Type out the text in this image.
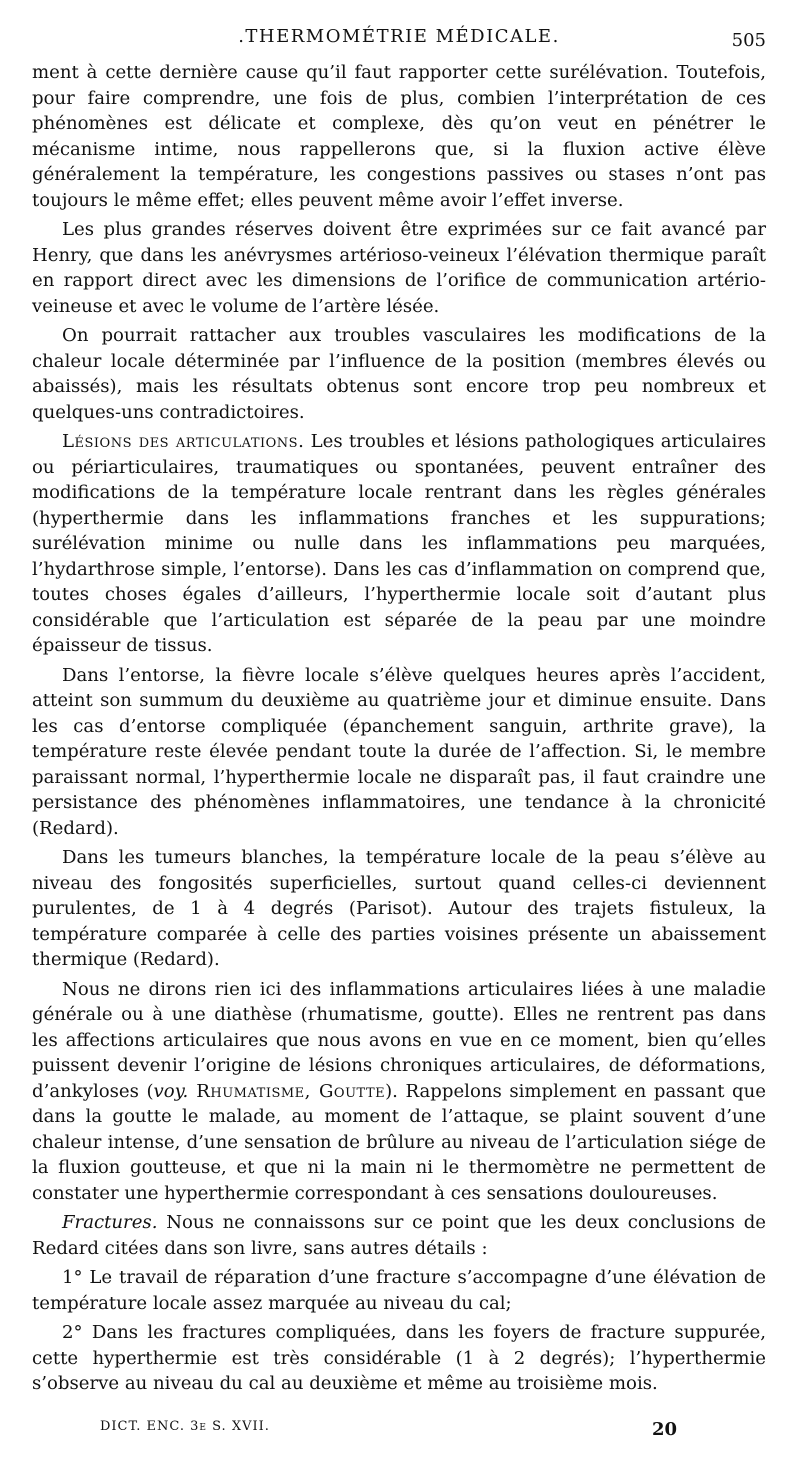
.THERMOMÉTRIE MÉDICALE.	505

ment à cette dernière cause qu’il faut rapporter cette surélévation. Toutefois, pour faire comprendre, une fois de plus, combien l’interprétation de ces phénomènes est délicate et complexe, dès qu’on veut en pénétrer le mécanisme intime, nous rappellerons que, si la fluxion active élève généralement la température, les congestions passives ou stases n’ont pas toujours le même effet; elles peuvent même avoir l’effet inverse.

Les plus grandes réserves doivent être exprimées sur ce fait avancé par Henry, que dans les anévrysmes artérioso-veineux l’élévation thermique paraît en rapport direct avec les dimensions de l’orifice de communication artério-veineuse et avec le volume de l’artère lésée.

On pourrait rattacher aux troubles vasculaires les modifications de la chaleur locale déterminée par l’influence de la position (membres élevés ou abaissés), mais les résultats obtenus sont encore trop peu nombreux et quelques-uns contradictoires.

Lésions des articulations. Les troubles et lésions pathologiques articulaires ou périarticulaires, traumatiques ou spontanées, peuvent entraîner des modifications de la température locale rentrant dans les règles générales (hyperthermie dans les inflammations franches et les suppurations; surélévation minime ou nulle dans les inflammations peu marquées, l’hydarthrose simple, l’entorse). Dans les cas d’inflammation on comprend que, toutes choses égales d’ailleurs, l’hyperthermie locale soit d’autant plus considérable que l’articulation est séparée de la peau par une moindre épaisseur de tissus.

Dans l’entorse, la fièvre locale s’élève quelques heures après l’accident, atteint son summum du deuxième au quatrième jour et diminue ensuite. Dans les cas d’entorse compliquée (épanchement sanguin, arthrite grave), la température reste élevée pendant toute la durée de l’affection. Si, le membre paraissant normal, l’hyperthermie locale ne disparaît pas, il faut craindre une persistance des phénomènes inflammatoires, une tendance à la chronicité (Redard).

Dans les tumeurs blanches, la température locale de la peau s’élève au niveau des fongosités superficielles, surtout quand celles-ci deviennent purulentes, de 1 à 4 degrés (Parisot). Autour des trajets fistuleux, la température comparée à celle des parties voisines présente un abaissement thermique (Redard).

Nous ne dirons rien ici des inflammations articulaires liées à une maladie générale ou à une diathèse (rhumatisme, goutte). Elles ne rentrent pas dans les affections articulaires que nous avons en vue en ce moment, bien qu’elles puissent devenir l’origine de lésions chroniques articulaires, de déformations, d’ankyloses (voy. Rhumatisme, Goutte). Rappelons simplement en passant que dans la goutte le malade, au moment de l’attaque, se plaint souvent d’une chaleur intense, d’une sensation de brûlure au niveau de l’articulation siége de la fluxion goutteuse, et que ni la main ni le thermomètre ne permettent de constater une hyperthermie correspondant à ces sensations douloureuses.

Fractures. Nous ne connaissons sur ce point que les deux conclusions de Redard citées dans son livre, sans autres détails :

1° Le travail de réparation d’une fracture s’accompagne d’une élévation de température locale assez marquée au niveau du cal;

2° Dans les fractures compliquées, dans les foyers de fracture suppurée, cette hyperthermie est très considérable (1 à 2 degrés); l’hyperthermie s’observe au niveau du cal au deuxième et même au troisième mois.

DICT. ENC. 3e S. XVII.	20
